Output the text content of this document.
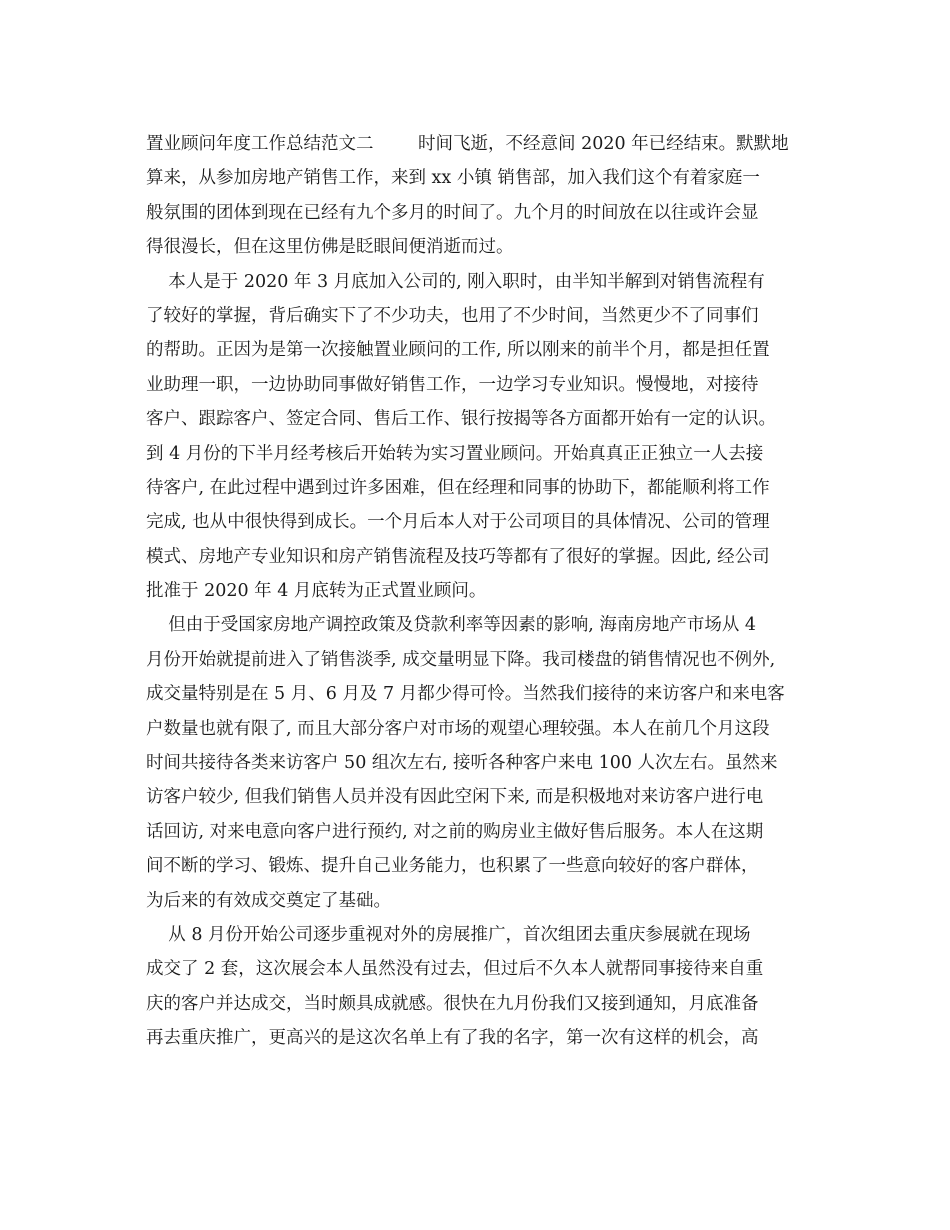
置业顾问年度工作总结范文二        时间飞逝，不经意间 2020 年已经结束。默默地
算来，从参加房地产销售工作，来到 xx 小镇 销售部，加入我们这个有着家庭一
般氛围的团体到现在已经有九个多月的时间了。九个月的时间放在以往或许会显
得很漫长，但在这里仿佛是眨眼间便消逝而过。
本人是于 2020 年 3 月底加入公司的, 刚入职时，由半知半解到对销售流程有
了较好的掌握，背后确实下了不少功夫，也用了不少时间，当然更少不了同事们
的帮助。正因为是第一次接触置业顾问的工作, 所以刚来的前半个月，都是担任置
业助理一职，一边协助同事做好销售工作，一边学习专业知识。慢慢地，对接待
客户、跟踪客户、签定合同、售后工作、银行按揭等各方面都开始有一定的认识。
到 4 月份的下半月经考核后开始转为实习置业顾问。开始真真正正独立一人去接
待客户, 在此过程中遇到过许多困难，但在经理和同事的协助下，都能顺利将工作
完成, 也从中很快得到成长。一个月后本人对于公司项目的具体情况、公司的管理
模式、房地产专业知识和房产销售流程及技巧等都有了很好的掌握。因此, 经公司
批准于 2020 年 4 月底转为正式置业顾问。
但由于受国家房地产调控政策及贷款利率等因素的影响, 海南房地产市场从 4
月份开始就提前进入了销售淡季, 成交量明显下降。我司楼盘的销售情况也不例外,
成交量特别是在 5 月、6 月及 7 月都少得可怜。当然我们接待的来访客户和来电客
户数量也就有限了, 而且大部分客户对市场的观望心理较强。本人在前几个月这段
时间共接待各类来访客户 50 组次左右, 接听各种客户来电 100 人次左右。虽然来
访客户较少, 但我们销售人员并没有因此空闲下来, 而是积极地对来访客户进行电
话回访, 对来电意向客户进行预约, 对之前的购房业主做好售后服务。本人在这期
间不断的学习、锻炼、提升自己业务能力，也积累了一些意向较好的客户群体，
为后来的有效成交奠定了基础。
从 8 月份开始公司逐步重视对外的房展推广，首次组团去重庆参展就在现场
成交了 2 套，这次展会本人虽然没有过去，但过后不久本人就帮同事接待来自重
庆的客户并达成交，当时颇具成就感。很快在九月份我们又接到通知，月底准备
再去重庆推广，更高兴的是这次名单上有了我的名字，第一次有这样的机会，高
